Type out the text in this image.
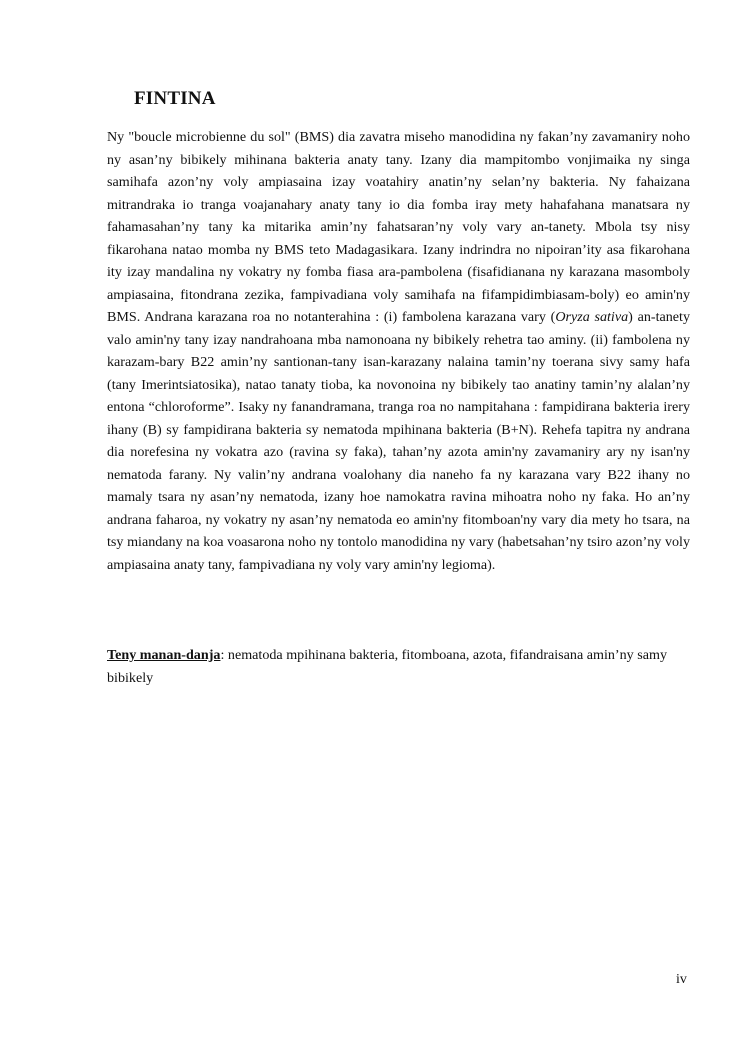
FINTINA

Ny "boucle microbienne du sol" (BMS) dia zavatra miseho manodidina ny fakan’ny zavamaniry noho ny asan’ny bibikely mihinana bakteria anaty tany. Izany dia mampitombo vonjimaika ny singa samihafa azon’ny voly ampiasaina izay voatahiry anatin’ny selan’ny bakteria. Ny fahaizana mitrandraka io tranga voajanahary anaty tany io dia fomba iray mety hahafahana manatsara ny fahamasahan’ny tany ka mitarika amin’ny fahatsaran’ny voly vary an-tanety. Mbola tsy nisy fikarohana natao momba ny BMS teto Madagasikara. Izany indrindra no nipoiran’ity asa fikarohana ity izay mandalina ny vokatry ny fomba fiasa ara-pambolena (fisafidianana ny karazana masomboly ampiasaina, fitondrana zezika, fampivadiana voly samihafa na fifampidimbiasam-boly) eo amin'ny BMS. Andrana karazana roa no notanterahina : (i) fambolena karazana vary (Oryza sativa) an-tanety valo amin'ny tany izay nandrahoana mba namonoana ny bibikely rehetra tao aminy. (ii) fambolena ny karazam-bary B22 amin’ny santionan-tany isan-karazany nalaina tamin’ny toerana sivy samy hafa (tany Imerintsiatosika), natao tanaty tioba, ka novonoina ny bibikely tao anatiny tamin’ny alalan’ny entona “chloroforme”. Isaky ny fanandramana, tranga roa no nampitahana : fampidirana bakteria irery ihany (B) sy fampidirana bakteria sy nematoda mpihinana bakteria (B+N). Rehefa tapitra ny andrana dia norefesina ny vokatra azo (ravina sy faka), tahan’ny azota amin'ny zavamaniry ary ny isan'ny nematoda farany. Ny valin’ny andrana voalohany dia naneho fa ny karazana vary B22 ihany no mamaly tsara ny asan’ny nematoda, izany hoe namokatra ravina mihoatra noho ny faka. Ho an’ny andrana faharoa, ny vokatry ny asan’ny nematoda eo amin'ny fitomboan'ny vary dia mety ho tsara, na tsy miandany na koa voasarona noho ny tontolo manodidina ny vary (habetsahan’ny tsiro azon’ny voly ampiasaina anaty tany, fampivadiana ny voly vary amin'ny legioma).

Teny manan-danja: nematoda mpihinana bakteria, fitomboana, azota, fifandraisana amin’ny samy bibikely

iv
